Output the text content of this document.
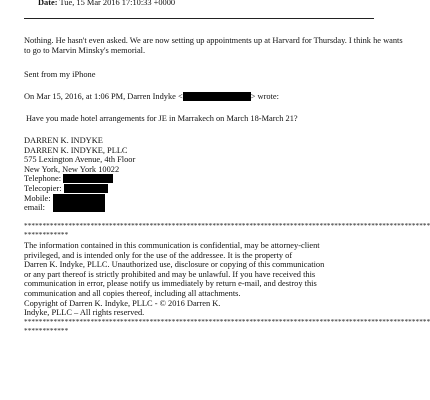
Date: Tue, 15 Mar 2016 17:10:33 +0000

Nothing. He hasn't even asked. We are now setting up appointments up at Harvard for Thursday. I think he wants

to go to Marvin Minsky's memorial.

Sent from my iPhone

On Mar 15, 2016, at 1:06 PM, Darren Indyke <	> wrote:

Have you made hotel arrangements for JE in Marrakech on March 18-March 21?

DARREN K. INDYKE
DARREN K. INDYKE, PLLC
575 Lexington Avenue, 4th Floor
New York, New York 10022
Telephone:
Telecopier:
Mobile:
email:
**************************************************************************************************************
************
The information contained in this communication is confidential, may be attorney-client
privileged, and is intended only for the use of the addressee. It is the property of
Darren K. Indyke, PLLC. Unauthorized use, disclosure or copying of this communication
or any part thereof is strictly prohibited and may be unlawful. If you have received this
communication in error, please notify us immediately by return e-mail, and destroy this
communication and all copies thereof, including all attachments.
Copyright of Darren K. Indyke, PLLC - © 2016 Darren K.
Indyke, PLLC – All rights reserved.
**************************************************************************************************************
************
